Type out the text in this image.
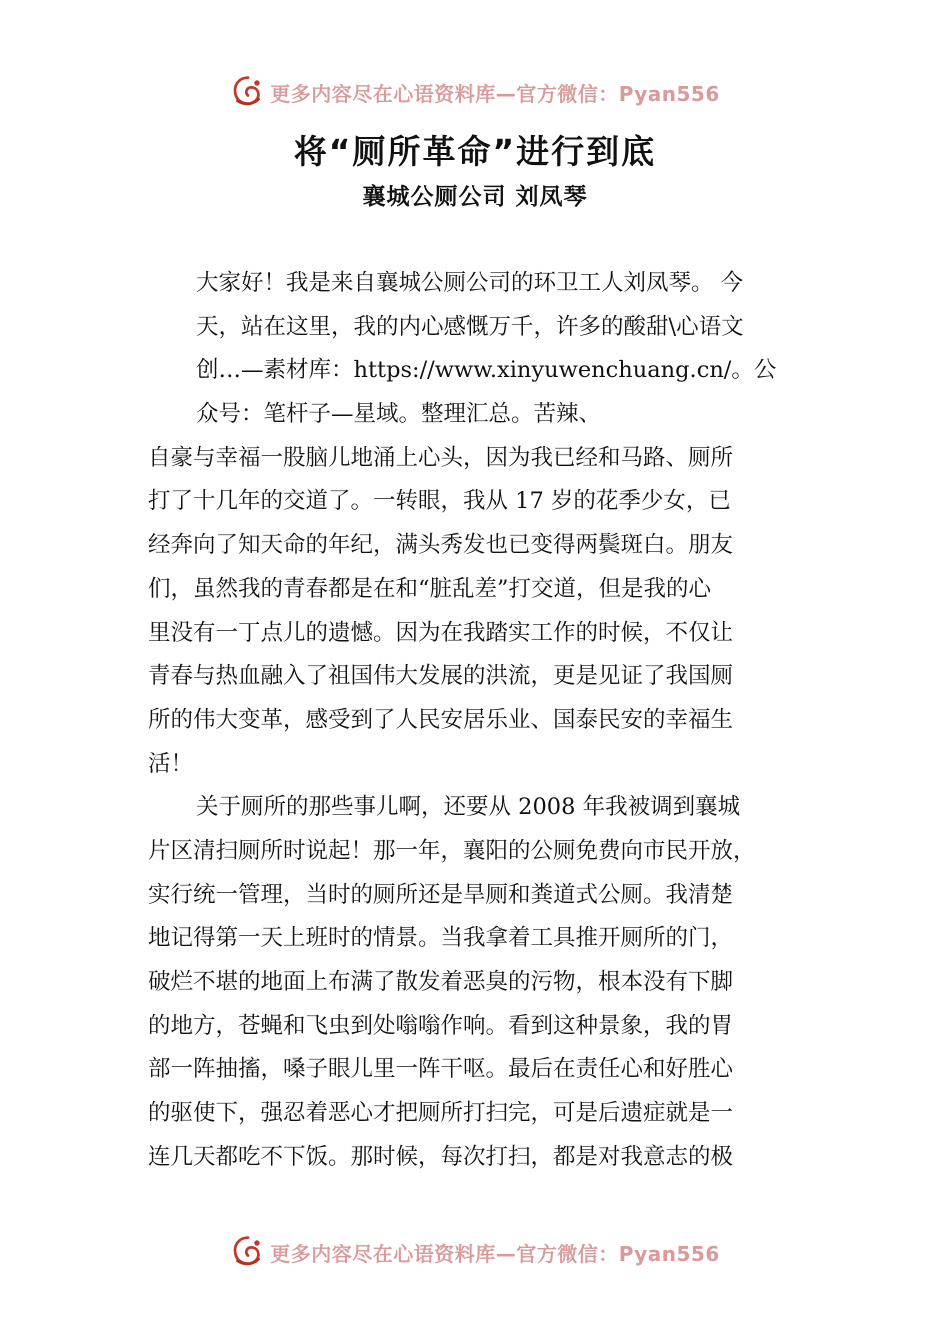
更多内容尽在心语资料库—官方微信：Pyan556
将“厕所革命”进行到底
襄城公厕公司 刘凤琴
大家好！我是来自襄城公厕公司的环卫工人刘凤琴。 今
天，站在这里，我的内心感慨万千，许多的酸甜\心语文
创…—素材库：https://www.xinyuwenchuang.cn/。公
众号：笔杆子—星域。整理汇总。苦辣、
自豪与幸福一股脑儿地涌上心头，因为我已经和马路、厕所
打了十几年的交道了。一转眼，我从 17 岁的花季少女，已
经奔向了知天命的年纪，满头秀发也已变得两鬓斑白。朋友
们，虽然我的青春都是在和“脏乱差”打交道，但是我的心
里没有一丁点儿的遗憾。因为在我踏实工作的时候，不仅让
青春与热血融入了祖国伟大发展的洪流，更是见证了我国厕
所的伟大变革，感受到了人民安居乐业、国泰民安的幸福生
活！
关于厕所的那些事儿啊，还要从 2008 年我被调到襄城
片区清扫厕所时说起！那一年，襄阳的公厕免费向市民开放，
实行统一管理，当时的厕所还是旱厕和粪道式公厕。我清楚
地记得第一天上班时的情景。当我拿着工具推开厕所的门，
破烂不堪的地面上布满了散发着恶臭的污物，根本没有下脚
的地方，苍蝇和飞虫到处嗡嗡作响。看到这种景象，我的胃
部一阵抽搐，嗓子眼儿里一阵干呕。最后在责任心和好胜心
的驱使下，强忍着恶心才把厕所打扫完，可是后遗症就是一
连几天都吃不下饭。那时候，每次打扫，都是对我意志的极
更多内容尽在心语资料库—官方微信：Pyan556
